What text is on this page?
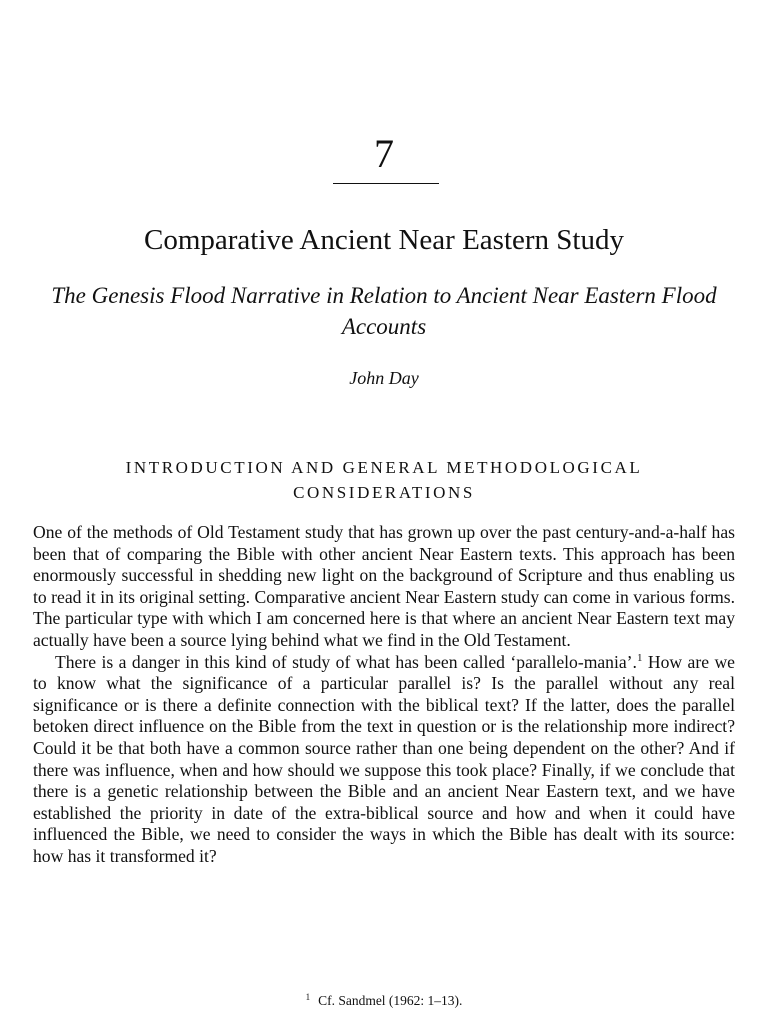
7
Comparative Ancient Near Eastern Study
The Genesis Flood Narrative in Relation to Ancient Near Eastern Flood Accounts
John Day
INTRODUCTION AND GENERAL METHODOLOGICAL CONSIDERATIONS

One of the methods of Old Testament study that has grown up over the past century-and-a-half has been that of comparing the Bible with other ancient Near Eastern texts. This approach has been enormously successful in shedding new light on the background of Scripture and thus enabling us to read it in its original setting. Comparative ancient Near Eastern study can come in various forms. The particular type with which I am concerned here is that where an ancient Near Eastern text may actually have been a source lying behind what we find in the Old Testament.

There is a danger in this kind of study of what has been called ‘parallelo-mania’.$^1$ How are we to know what the significance of a particular parallel is? Is the parallel without any real significance or is there a definite connection with the biblical text? If the latter, does the parallel betoken direct influence on the Bible from the text in question or is the relationship more indirect? Could it be that both have a common source rather than one being dependent on the other? And if there was influence, when and how should we suppose this took place? Finally, if we conclude that there is a genetic relationship between the Bible and an ancient Near Eastern text, and we have established the priority in date of the extra-biblical source and how and when it could have influenced the Bible, we need to consider the ways in which the Bible has dealt with its source: how has it transformed it?

$^1$ Cf. Sandmel (1962: 1–13).
